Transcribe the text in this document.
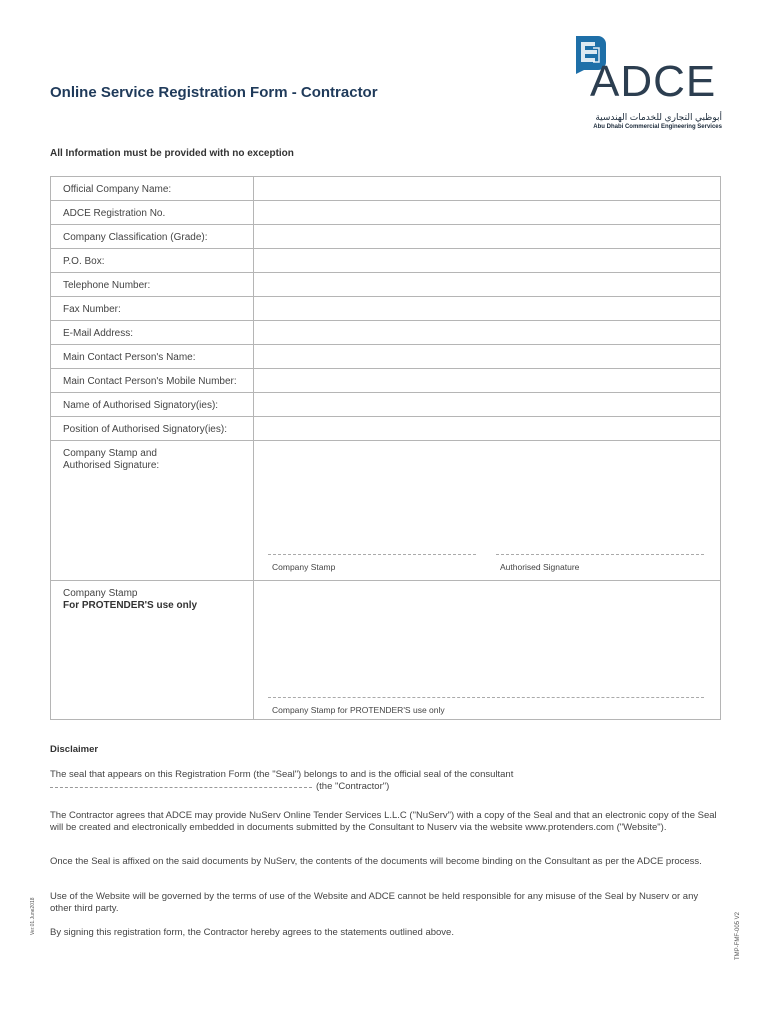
Online Service Registration Form - Contractor	ADCE
أبوظبي التجاري للخدمات الهندسية
Abu Dhabi Commercial Engineering Services
All Information must be provided with no exception
Official Company Name:
ADCE Registration No.
Company Classification (Grade):
P.O. Box:
Telephone Number:
Fax Number:
E-Mail Address:
Main Contact Person's Name:
Main Contact Person's Mobile Number:
Name of Authorised Signatory(ies):
Position of Authorised Signatory(ies):
Company Stamp and
Authorised Signature:
Company Stamp	Authorised Signature
Company Stamp
For PROTENDER'S use only
Company Stamp for PROTENDER'S use only
Disclaimer
The seal that appears on this Registration Form (the "Seal") belongs to and is the official seal of the consultant
(the "Contractor")
The Contractor agrees that ADCE may provide NuServ Online Tender Services L.L.C ("NuServ") with a copy of the Seal and that an electronic copy of the Seal will be created and electronically embedded in documents submitted by the Consultant to Nuserv via the website www.protenders.com ("Website").
Once the Seal is affixed on the said documents by NuServ, the contents of the documents will become binding on the Consultant as per the ADCE process.
Use of the Website will be governed by the terms of use of the Website and ADCE cannot be held responsible for any misuse of the Seal by Nuserv or any other third party.
By signing this registration form, the Contractor hereby agrees to the statements outlined above.
Ver.01.June2018	TMP-FMF-005 V2
